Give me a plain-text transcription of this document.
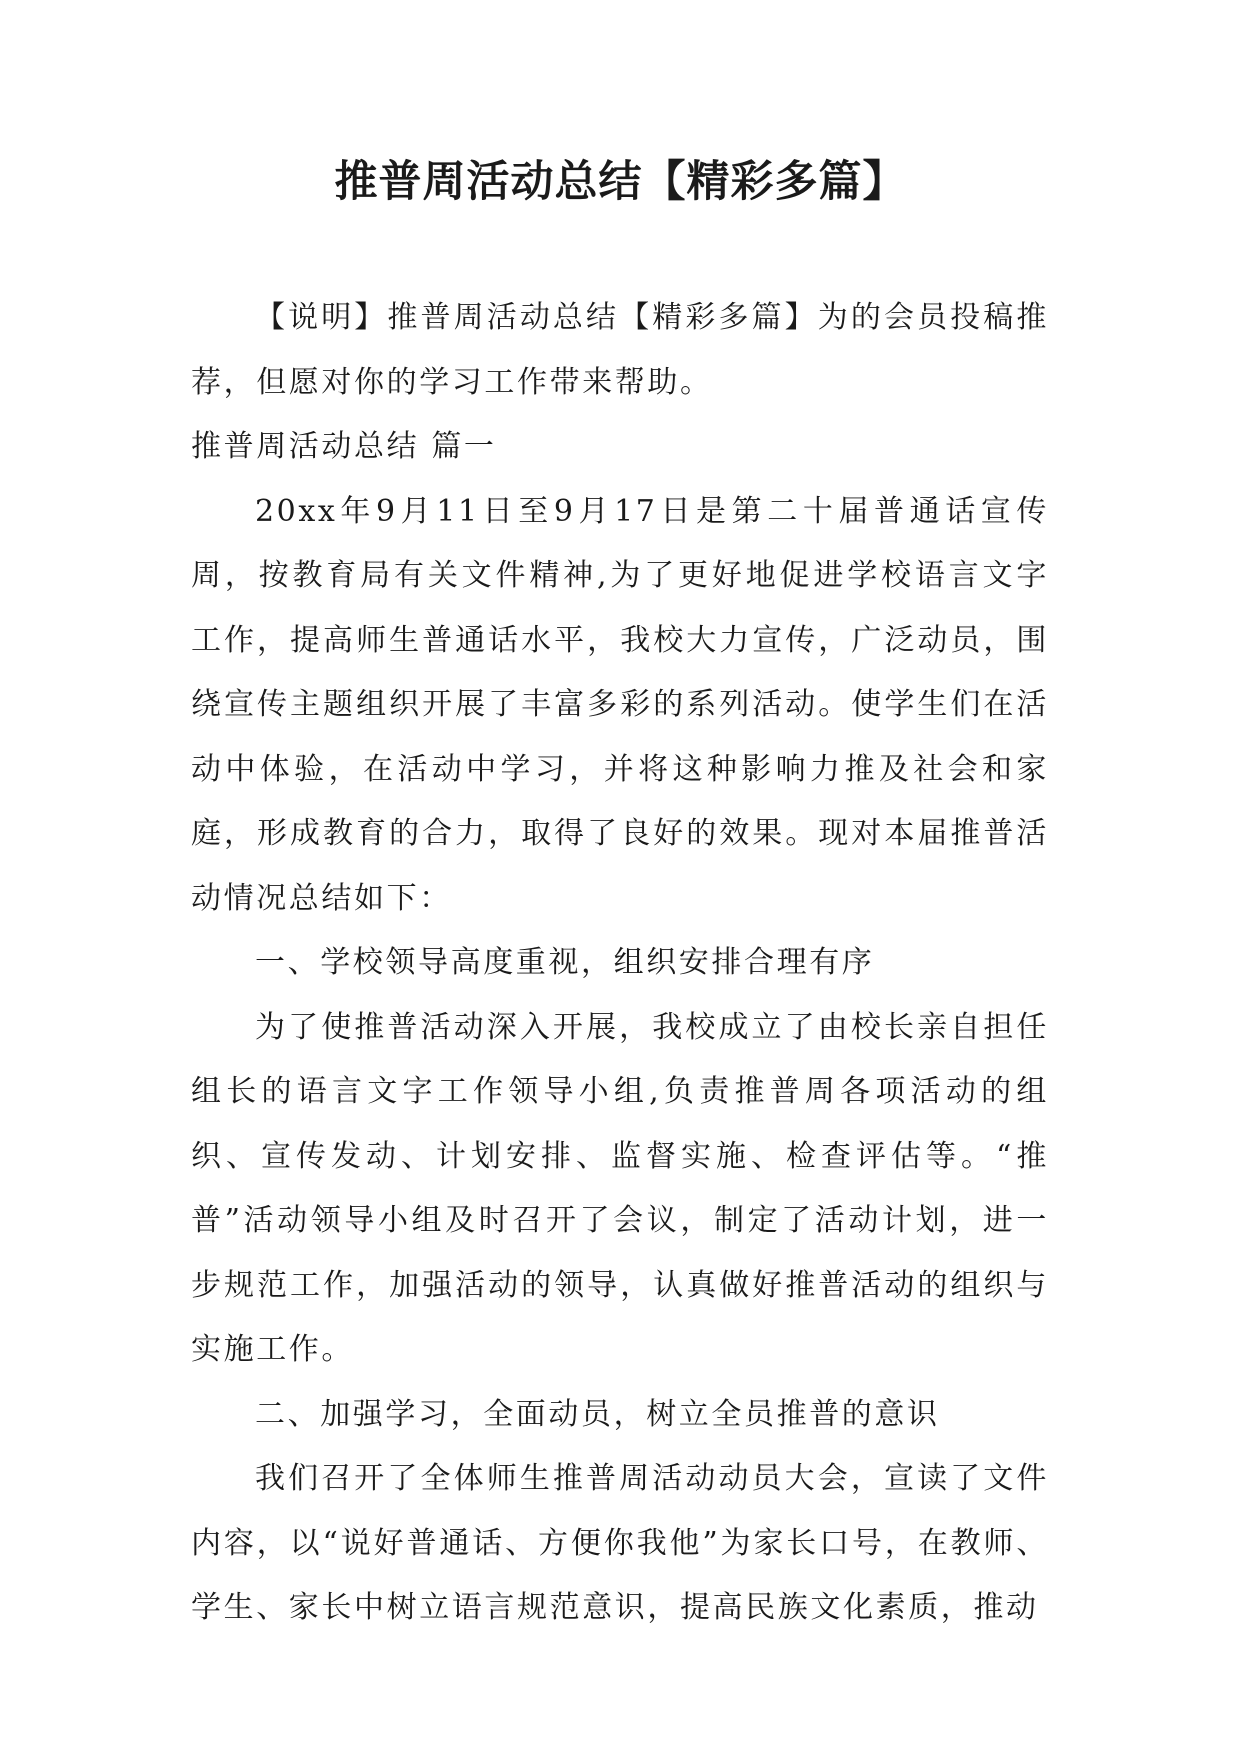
推普周活动总结【精彩多篇】

【说明】推普周活动总结【精彩多篇】为的会员投稿推荐，但愿对你的学习工作带来帮助。

推普周活动总结 篇一

20xx年9月11日至9月17日是第二十届普通话宣传周，按教育局有关文件精神,为了更好地促进学校语言文字工作，提高师生普通话水平，我校大力宣传，广泛动员，围绕宣传主题组织开展了丰富多彩的系列活动。使学生们在活动中体验，在活动中学习，并将这种影响力推及社会和家庭，形成教育的合力，取得了良好的效果。现对本届推普活动情况总结如下：

一、学校领导高度重视，组织安排合理有序

为了使推普活动深入开展，我校成立了由校长亲自担任组长的语言文字工作领导小组,负责推普周各项活动的组织、宣传发动、计划安排、监督实施、检查评估等。“推普”活动领导小组及时召开了会议，制定了活动计划，进一步规范工作，加强活动的领导，认真做好推普活动的组织与 实施工作。

二、加强学习，全面动员，树立全员推普的意识

我们召开了全体师生推普周活动动员大会，宣读了文件内容，以“说好普通话、方便你我他”为家长口号，在教师、学生、家长中树立语言规范意识，提高民族文化素质，推动
